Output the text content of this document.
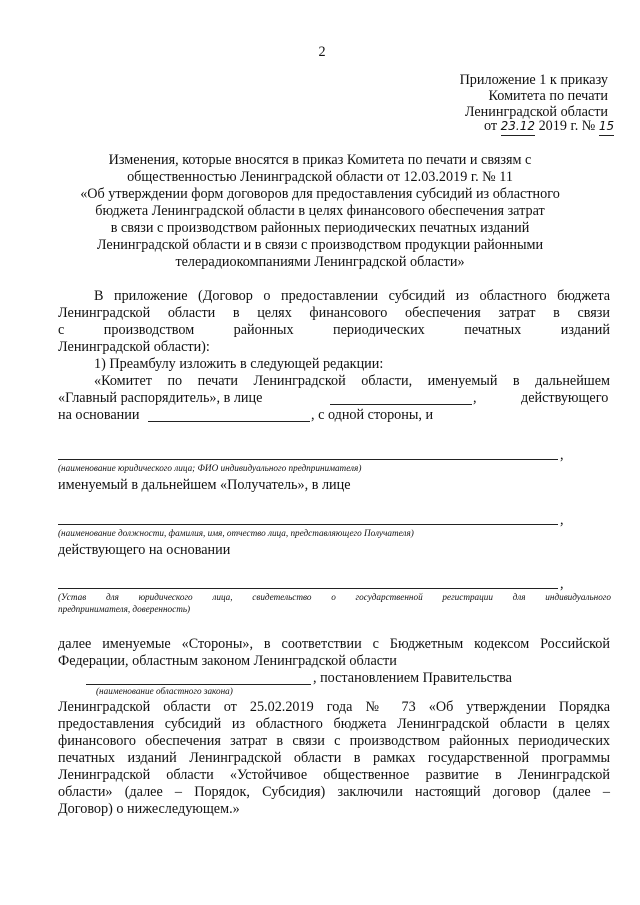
2
Приложение 1 к приказу
Комитета по печати
Ленинградской области
от 23.12 2019 г. № 15
Изменения, которые вносятся в приказ Комитета по печати и связям с
общественностью Ленинградской области от 12.03.2019 г. № 11
«Об утверждении форм договоров для предоставления субсидий из областного
бюджета Ленинградской области в целях финансового обеспечения затрат
в связи с производством районных периодических печатных изданий
Ленинградской области и в связи с производством продукции районными
телерадиокомпаниями Ленинградской области»
В приложение (Договор о предоставлении субсидий из областного бюджета
Ленинградской области в целях финансового обеспечения затрат в связи
с производством районных периодических печатных изданий
Ленинградской области):
1) Преамбулу изложить в следующей редакции:
«Комитет по печати Ленинградской области, именуемый в дальнейшем
«Главный распорядитель», в лице	,	действующего
на основании	, с одной стороны, и
,
(наименование юридического лица; ФИО индивидуального предпринимателя)
именуемый в дальнейшем «Получатель», в лице
,
(наименование должности, фамилия, имя, отчество лица, представляющего Получателя)
действующего на основании
,
(Устав для юридического лица, свидетельство о государственной регистрации для индивидуального
предпринимателя, доверенность)
далее именуемые «Стороны», в соответствии с Бюджетным кодексом Российской
Федерации, областным законом Ленинградской области
, постановлением Правительства
(наименование областного закона)
Ленинградской области от 25.02.2019 года № 73 «Об утверждении Порядка
предоставления субсидий из областного бюджета Ленинградской области в целях
финансового обеспечения затрат в связи с производством районных периодических
печатных изданий Ленинградской области в рамках государственной программы
Ленинградской области «Устойчивое общественное развитие в Ленинградской
области» (далее – Порядок, Субсидия) заключили настоящий договор (далее –
Договор) о нижеследующем.»
